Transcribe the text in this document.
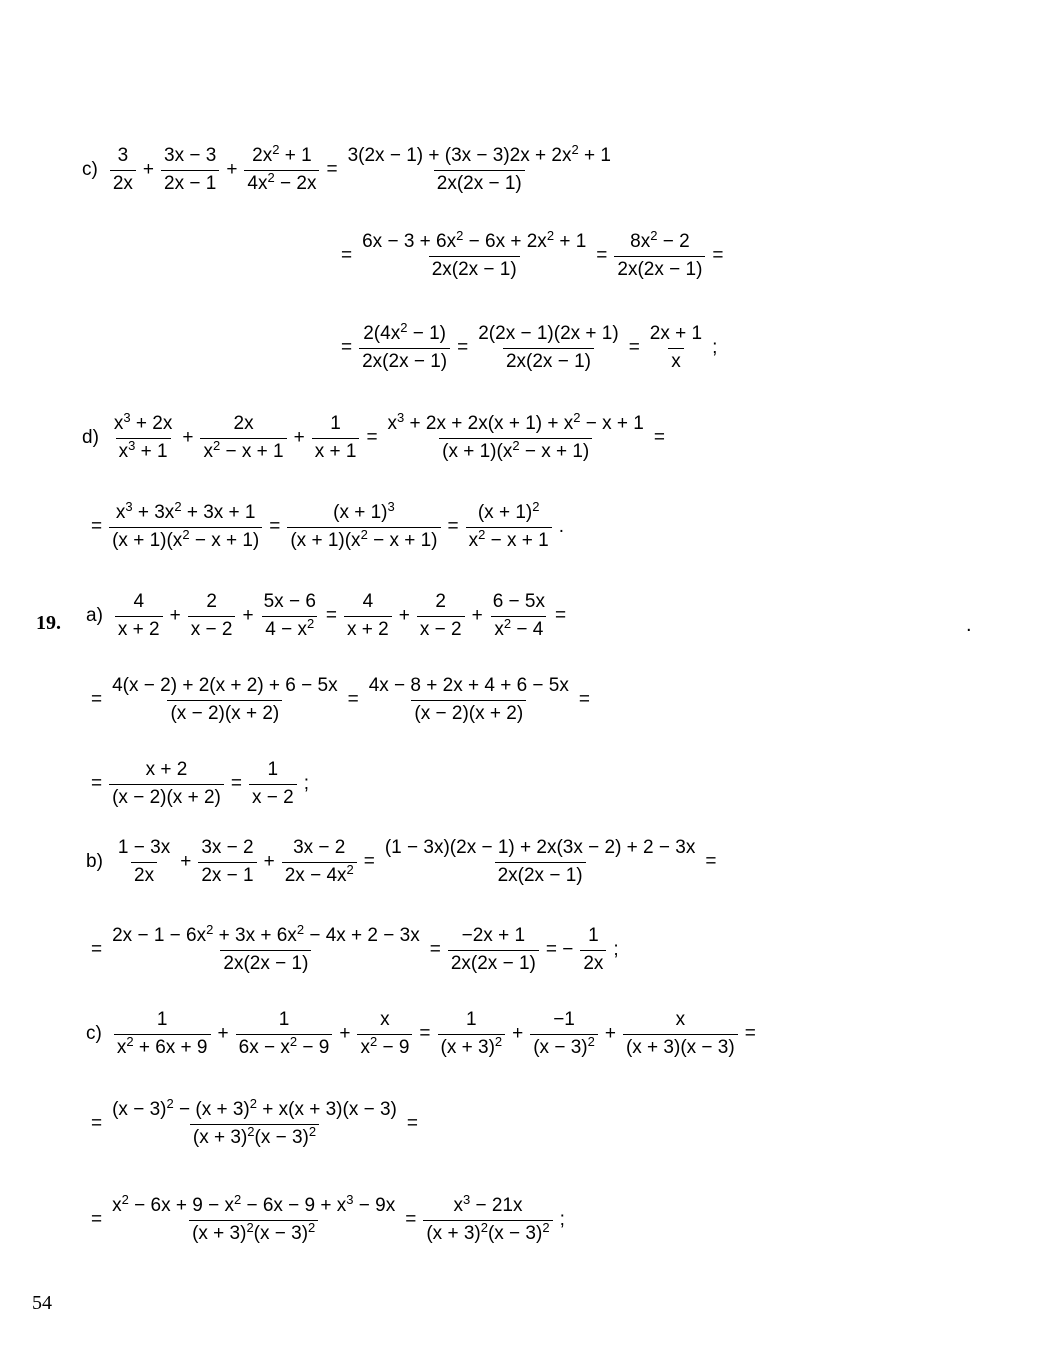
19.	.
54
$c) \frac{3}{2x} + \frac{3x - 3}{2x - 1} + \frac{2x^2 + 1}{4x^2 - 2x} = \frac{3(2x - 1) + (3x - 3)2x + 2x^2 + 1}{2x(2x - 1)}$
= $\frac{6x - 3 + 6x^2 - 6x + 2x^2 + 1}{2x(2x - 1)} = \frac{8x^2 - 2}{2x(2x - 1)}$ =
= $\frac{2(4x^2 - 1)}{2x(2x - 1)} = \frac{2(2x - 1)(2x + 1)}{2x(2x - 1)} = \frac{2x + 1}{x}$ ;
$d) \frac{x^3 + 2x}{x^3 + 1} + \frac{2x}{x^2 - x + 1} + \frac{1}{x + 1} = \frac{x^3 + 2x + 2x(x + 1) + x^2 - x + 1}{(x + 1)(x^2 - x + 1)}$ =
= $\frac{x^3 + 3x^2 + 3x + 1}{(x + 1)(x^2 - x + 1)} = \frac{(x + 1)^3}{(x + 1)(x^2 - x + 1)} = \frac{(x + 1)^2}{x^2 - x + 1}$ .
$a) \frac{4}{x + 2} + \frac{2}{x - 2} + \frac{5x - 6}{4 - x^2} = \frac{4}{x + 2} + \frac{2}{x - 2} + \frac{6 - 5x}{x^2 - 4}$ =
= $\frac{4(x - 2) + 2(x + 2) + 6 - 5x}{(x - 2)(x + 2)} = \frac{4x - 8 + 2x + 4 + 6 - 5x}{(x - 2)(x + 2)}$ =
= $\frac{x + 2}{(x - 2)(x + 2)} = \frac{1}{x - 2}$ ;
$b) \frac{1 - 3x}{2x} + \frac{3x - 2}{2x - 1} + \frac{3x - 2}{2x - 4x^2} = \frac{(1 - 3x)(2x - 1) + 2x(3x - 2) + 2 - 3x}{2x(2x - 1)}$ =
= $\frac{2x - 1 - 6x^2 + 3x + 6x^2 - 4x + 2 - 3x}{2x(2x - 1)} = \frac{-2x + 1}{2x(2x - 1)}$ = − $\frac{1}{2x}$ ;
$c) \frac{1}{x^2 + 6x + 9} + \frac{1}{6x - x^2 - 9} + \frac{x}{x^2 - 9} = \frac{1}{(x + 3)^2} + \frac{-1}{(x - 3)^2} + \frac{x}{(x + 3)(x - 3)}$ =
= $\frac{(x - 3)^2 - (x + 3)^2 + x(x + 3)(x - 3)}{(x + 3)^2(x - 3)^2}$ =
= $\frac{x^2 - 6x + 9 - x^2 - 6x - 9 + x^3 - 9x}{(x + 3)^2(x - 3)^2} = \frac{x^3 - 21x}{(x + 3)^2(x - 3)^2}$ ;
